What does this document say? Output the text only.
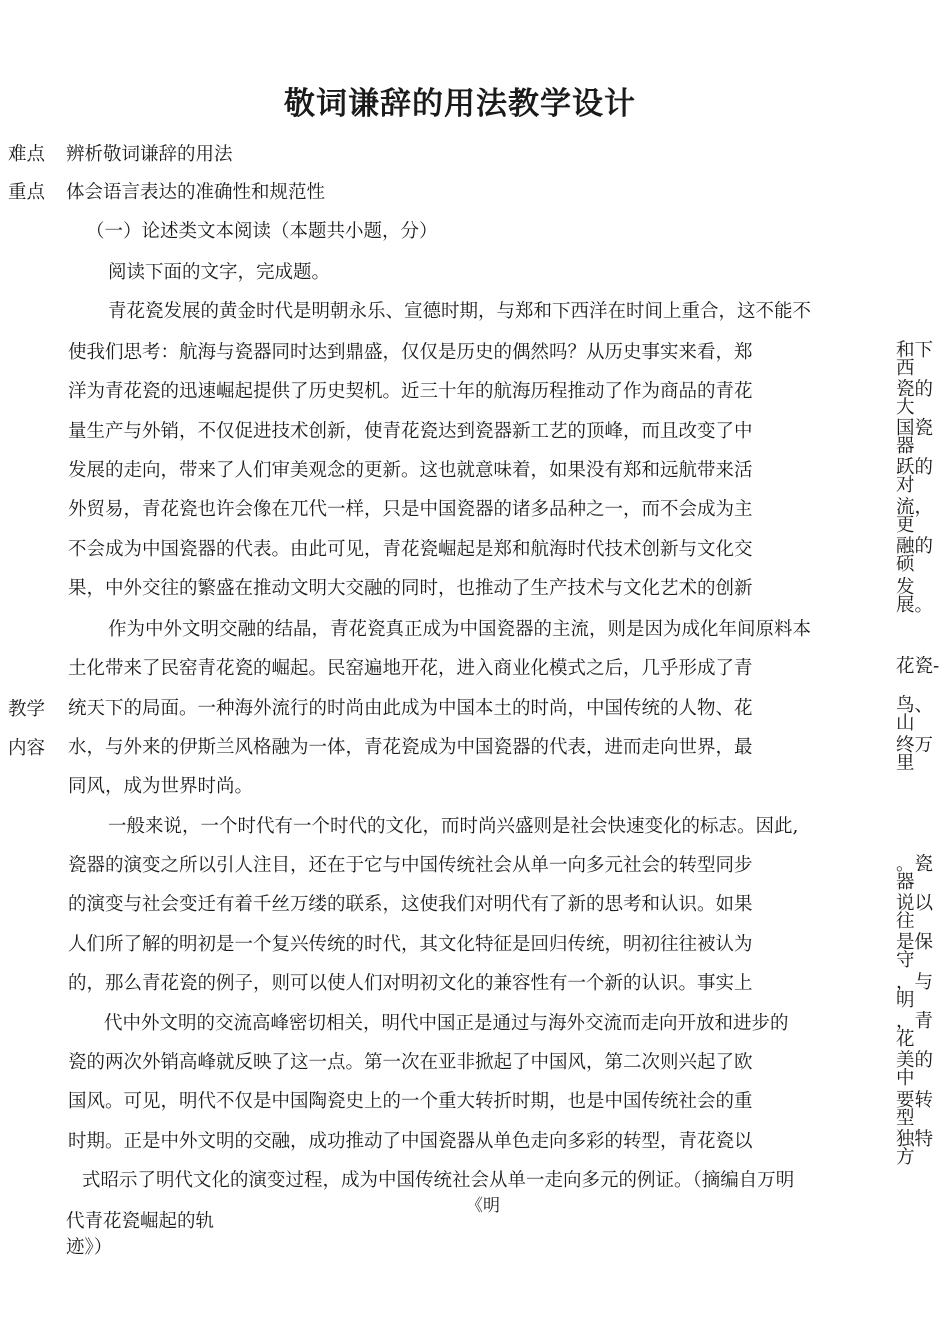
敬词谦辞的用法教学设计
难点 辨析敬词谦辞的用法
重点 体会语言表达的准确性和规范性
（一）论述类文本阅读（本题共小题，分）
阅读下面的文字，完成题。
教学
内容
青花瓷发展的黄金时代是明朝永乐、宣德时期，与郑和下西洋在时间上重合，这不能不
使我们思考：航海与瓷器同时达到鼎盛，仅仅是历史的偶然吗？从历史事实来看，郑
洋为青花瓷的迅速崛起提供了历史契机。近三十年的航海历程推动了作为商品的青花
量生产与外销，不仅促进技术创新，使青花瓷达到瓷器新工艺的顶峰，而且改变了中
发展的走向，带来了人们审美观念的更新。这也就意味着，如果没有郑和远航带来活
外贸易，青花瓷也许会像在兀代一样，只是中国瓷器的诸多品种之一，而不会成为主
不会成为中国瓷器的代表。由此可见，青花瓷崛起是郑和航海时代技术创新与文化交
果，中外交往的繁盛在推动文明大交融的同时，也推动了生产技术与文化艺术的创新
作为中外文明交融的结晶，青花瓷真正成为中国瓷器的主流，则是因为成化年间原料本
土化带来了民窑青花瓷的崛起。民窑遍地开花，进入商业化模式之后，几乎形成了青
统天下的局面。一种海外流行的时尚由此成为中国本土的时尚，中国传统的人物、花
水，与外来的伊斯兰风格融为一体，青花瓷成为中国瓷器的代表，进而走向世界，最
同风，成为世界时尚。
一般来说，一个时代有一个时代的文化，而时尚兴盛则是社会快速变化的标志。因此,
瓷器的演变之所以引人注目，还在于它与中国传统社会从单一向多元社会的转型同步
的演变与社会变迁有着千丝万缕的联系，这使我们对明代有了新的思考和认识。如果
人们所了解的明初是一个复兴传统的时代，其文化特征是回归传统，明初往往被认为
的，那么青花瓷的例子，则可以使人们对明初文化的兼容性有一个新的认识。事实上
代中外文明的交流高峰密切相关，明代中国正是通过与海外交流而走向开放和进步的
瓷的两次外销高峰就反映了这一点。第一次在亚非掀起了中国风，第二次则兴起了欧
国风。可见，明代不仅是中国陶瓷史上的一个重大转折时期，也是中国传统社会的重
时期。正是中外文明的交融，成功推动了中国瓷器从单色走向多彩的转型，青花瓷以
式昭示了明代文化的演变过程，成为中国传统社会从单一走向多元的例证。（摘编自万明
《明
代青花瓷崛起的轨
迹》）
和下西
瓷的大
国瓷器
跃的对
流，更
融的硕
发展。
花瓷-
鸟、山
终万里
。瓷器
说以往
是保守
，与明
，青花
美的中
要转型
独特方
